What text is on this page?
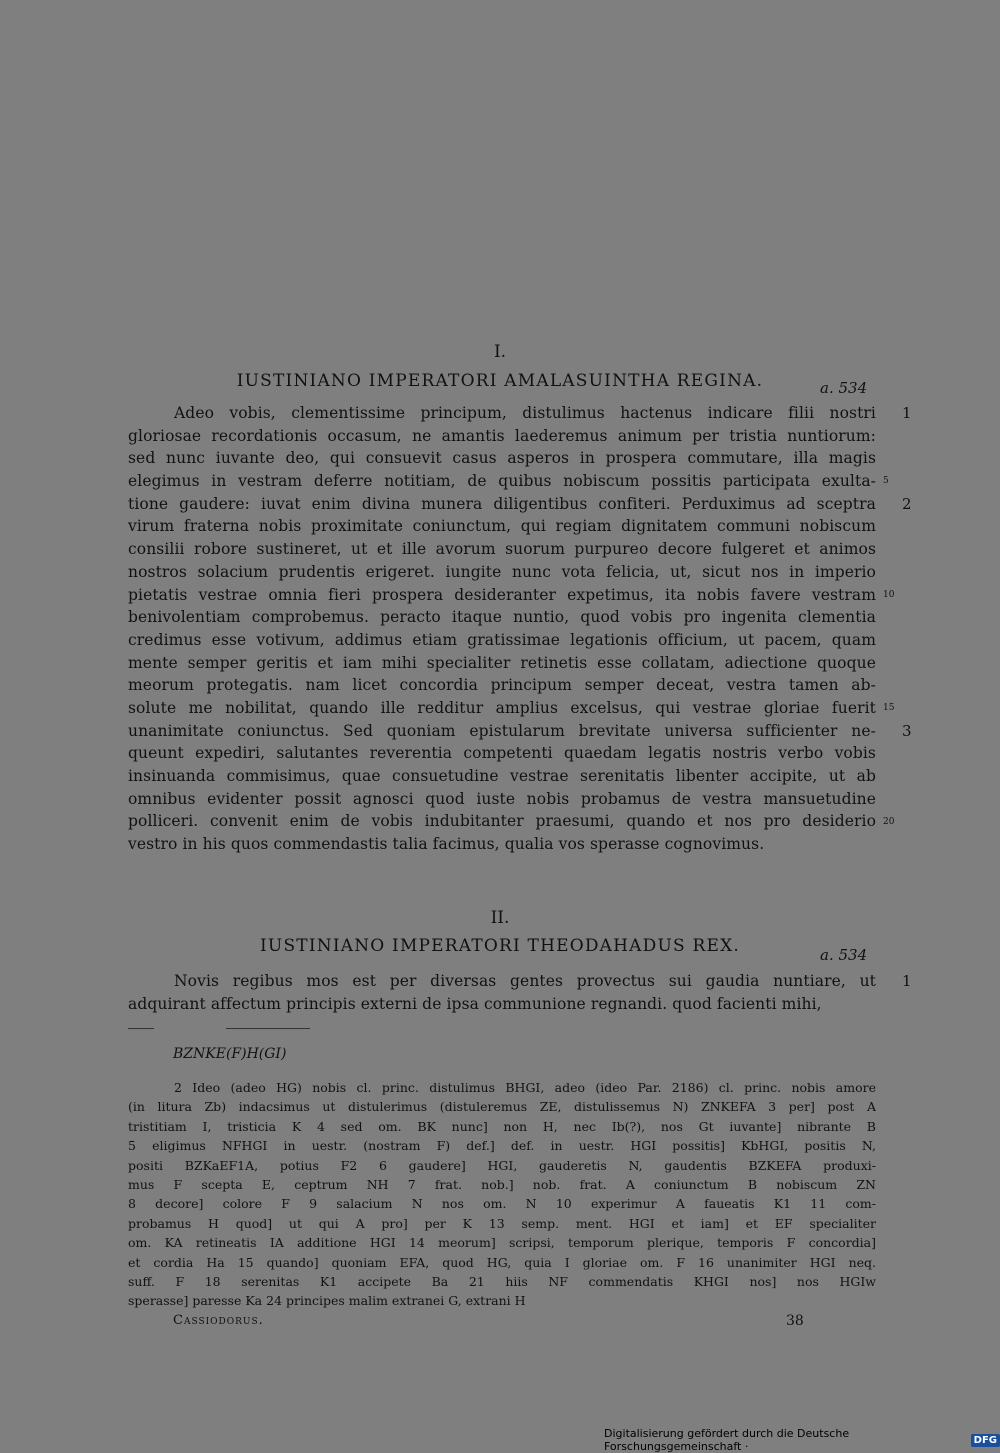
I.
IUSTINIANO IMPERATORI AMALASUINTHA REGINA.	a. 534
Adeo vobis, clementissime principum, distulimus hactenus indicare filii nostri
gloriosae recordationis occasum, ne amantis laederemus animum per tristia nuntiorum:
sed nunc iuvante deo, qui consuevit casus asperos in prospera commutare, illa magis
elegimus in vestram deferre notitiam, de quibus nobiscum possitis participata exulta-
tione gaudere: iuvat enim divina munera diligentibus confiteri. Perduximus ad sceptra
virum fraterna nobis proximitate coniunctum, qui regiam dignitatem communi nobiscum
consilii robore sustineret, ut et ille avorum suorum purpureo decore fulgeret et animos
nostros solacium prudentis erigeret. iungite nunc vota felicia, ut, sicut nos in imperio
pietatis vestrae omnia fieri prospera desideranter expetimus, ita nobis favere vestram
benivolentiam comprobemus. peracto itaque nuntio, quod vobis pro ingenita clementia
credimus esse votivum, addimus etiam gratissimae legationis officium, ut pacem, quam
mente semper geritis et iam mihi specialiter retinetis esse collatam, adiectione quoque
meorum protegatis. nam licet concordia principum semper deceat, vestra tamen ab-
solute me nobilitat, quando ille redditur amplius excelsus, qui vestrae gloriae fuerit
unanimitate coniunctus. Sed quoniam epistularum brevitate universa sufficienter ne-
queunt expediri, salutantes reverentia competenti quaedam legatis nostris verbo vobis
insinuanda commisimus, quae consuetudine vestrae serenitatis libenter accipite, ut ab
omnibus evidenter possit agnosci quod iuste nobis probamus de vestra mansuetudine
polliceri. convenit enim de vobis indubitanter praesumi, quando et nos pro desiderio
vestro in his quos commendastis talia facimus, qualia vos sperasse cognovimus.
1
5
2
10
15
3
20
II.
IUSTINIANO IMPERATORI THEODAHADUS REX.	a. 534
Novis regibus mos est per diversas gentes provectus sui gaudia nuntiare, ut
adquirant affectum principis externi de ipsa communione regnandi. quod facienti mihi,
1
BZNKE(F)H(GI)
2 Ideo (adeo HG) nobis cl. princ. distulimus BHGI, adeo (ideo Par. 2186) cl. princ. nobis amore
(in litura Zb) indacsimus ut distulerimus (distuleremus ZE, distulissemus N) ZNKEFA 3 per] post A
tristitiam I, tristicia K 4 sed om. BK nunc] non H, nec Ib(?), nos Gt iuvante] nibrante B
5 eligimus NFHGI in uestr. (nostram F) def.] def. in uestr. HGI possitis] KbHGI, positis N,
positi BZKaEF1A, potius F2 6 gaudere] HGI, gauderetis N, gaudentis BZKEFA produxi-
mus F scepta E, ceptrum NH 7 frat. nob.] nob. frat. A coniunctum B nobiscum ZN
8 decore] colore F 9 salacium N nos om. N 10 experimur A faueatis K1 11 com-
probamus H quod] ut qui A pro] per K 13 semp. ment. HGI et iam] et EF specialiter
om. KA retineatis IA additione HGI 14 meorum] scripsi, temporum plerique, temporis F concordia]
et cordia Ha 15 quando] quoniam EFA, quod HG, quia I gloriae om. F 16 unanimiter HGI neq.
suff. F 18 serenitas K1 accipete Ba 21 hiis NF commendatis KHGI nos] nos HGIw
sperasse] paresse Ka 24 principes malim extranei G, extrani H
Cassiodorus.	38
Digitalisierung gefördert durch die Deutsche Forschungsgemeinschaft ·	DFG
